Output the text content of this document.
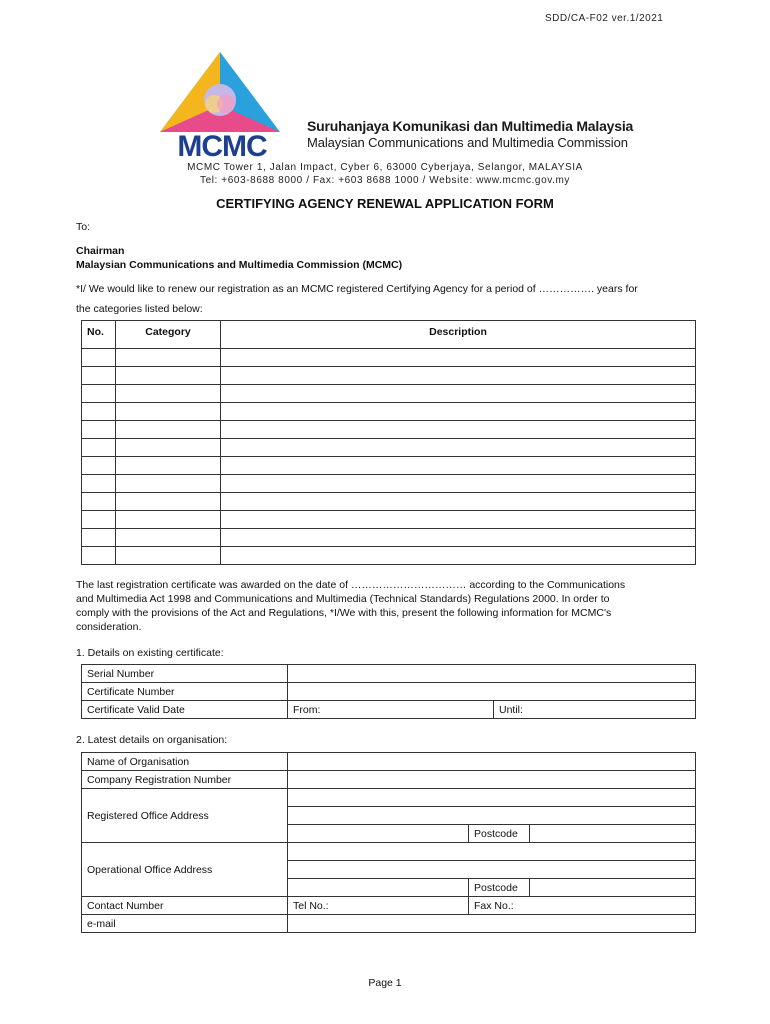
SDD/CA-F02 ver.1/2021
MCMC
Suruhanjaya Komunikasi dan Multimedia Malaysia
Malaysian Communications and Multimedia Commission
MCMC Tower 1, Jalan Impact, Cyber 6, 63000 Cyberjaya, Selangor, MALAYSIA
Tel: +603-8688 8000 / Fax: +603 8688 1000 / Website: www.mcmc.gov.my
CERTIFYING AGENCY RENEWAL APPLICATION FORM
To:
Chairman
Malaysian Communications and Multimedia Commission (MCMC)
*I/ We would like to renew our registration as an MCMC registered Certifying Agency for a period of ……………. years for
the categories listed below:
No.	Category	Description

The last registration certificate was awarded on the date of …………………………… according to the Communications
and Multimedia Act 1998 and Communications and Multimedia (Technical Standards) Regulations 2000. In order to
comply with the provisions of the Act and Regulations, *I/We with this, present the following information for MCMC's
consideration.
1. Details on existing certificate:
Serial Number		
Certificate Number		
Certificate Valid Date	From:	Until:
2. Latest details on organisation:
Name of Organisation			
Company Registration Number			
Registered Office Address			

		Postcode	
Operational Office Address			

		Postcode	
Contact Number	Tel No.:	Fax No.:	
e-mail			
Page 1
